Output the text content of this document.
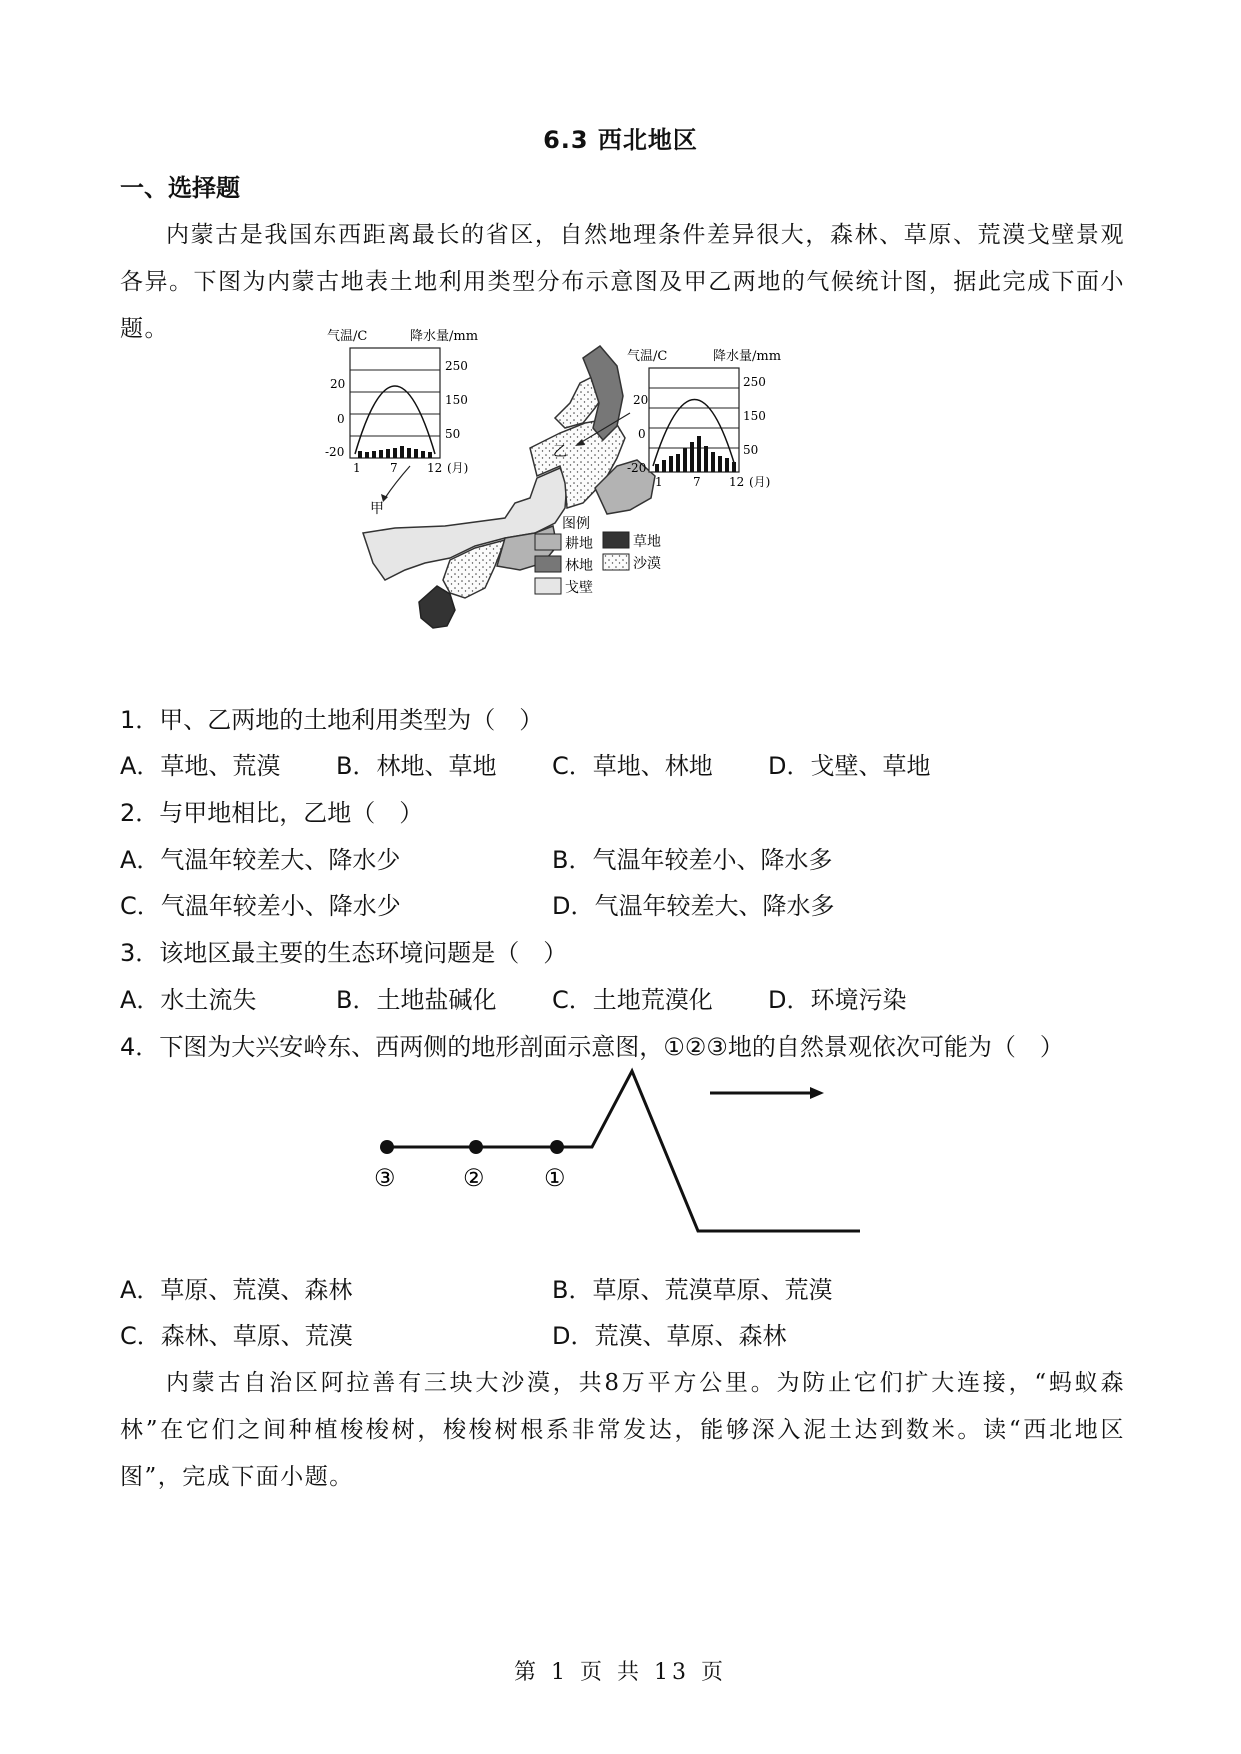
6.3 西北地区
一、选择题
内蒙古是我国东西距离最长的省区，自然地理条件差异很大，森林、草原、荒漠戈壁景观各异。下图为内蒙古地表土地利用类型分布示意图及甲乙两地的气候统计图，据此完成下面小题。
甲
乙
气温/C	降水量/mm
20
0
-20
250
150
50
1 7 12 (月)
气温/C	降水量/mm
20
0
-20
250
150
50
1	7 12 (月)
图例
耕地	草地
林地	沙漠
戈壁
1．甲、乙两地的土地利用类型为（　）
A．草地、荒漠 B．林地、草地 C．草地、林地 D．戈壁、草地
2．与甲地相比，乙地（　）
A．气温年较差大、降水少	B．气温年较差小、降水多
C．气温年较差小、降水少	D．气温年较差大、降水多
3．该地区最主要的生态环境问题是（　）
A．水土流失	B．土地盐碱化 C．土地荒漠化 D．环境污染
4．下图为大兴安岭东、西两侧的地形剖面示意图，①②③地的自然景观依次可能为（　）
③	② ①
A．草原、荒漠、森林	B．草原、荒漠草原、荒漠
C．森林、草原、荒漠	D．荒漠、草原、森林
内蒙古自治区阿拉善有三块大沙漠，共8万平方公里。为防止它们扩大连接，“蚂蚁森林”在它们之间种植梭梭树，梭梭树根系非常发达，能够深入泥土达到数米。读“西北地区图”，完成下面小题。
第 1 页 共 13 页
